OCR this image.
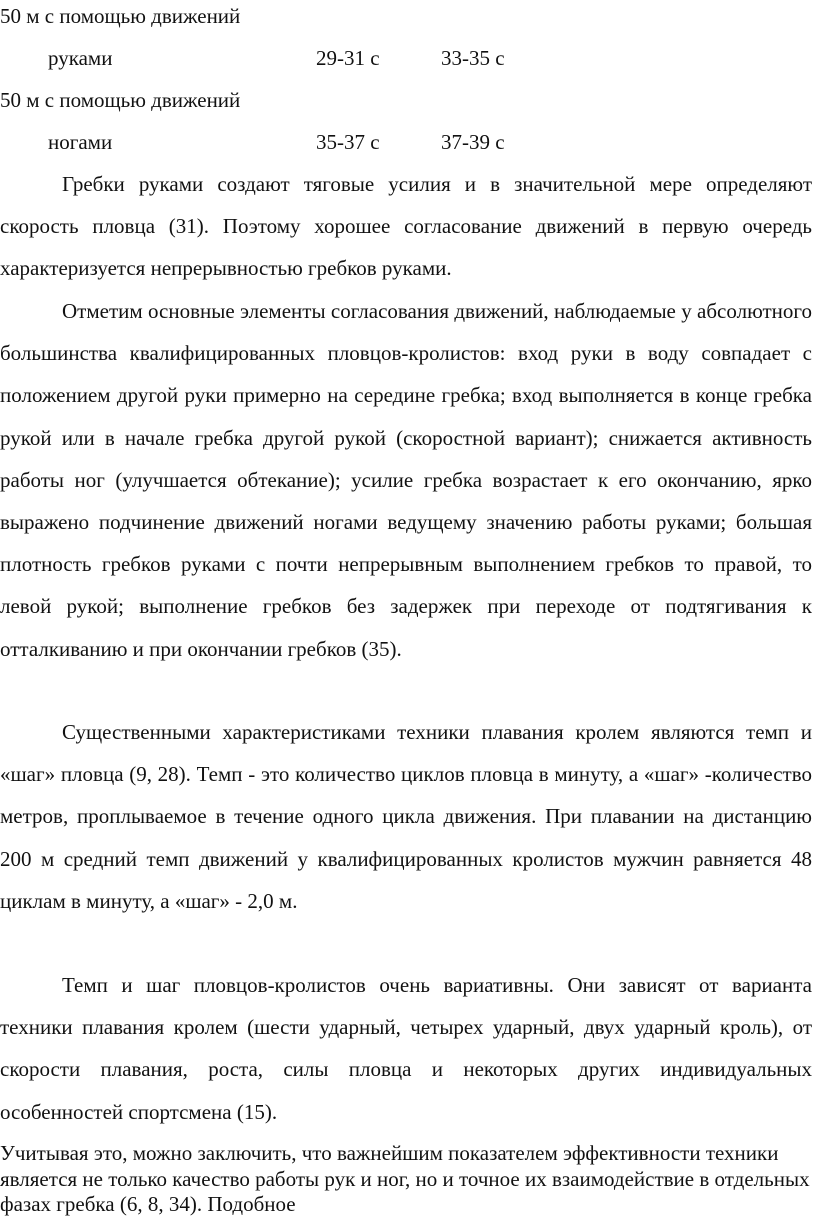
50 м с помощью движений
руками	29-31 с	33-35 с
50 м с помощью движений
ногами	35-37 с	37-39 с

Гребки руками создают тяговые усилия и в значительной мере определяют скорость пловца (31). Поэтому хорошее согласование движений в первую очередь характеризуется непрерывностью гребков руками.

Отметим основные элементы согласования движений, наблюдаемые у абсолютного большинства квалифицированных пловцов-кролистов: вход руки в воду совпадает с положением другой руки примерно на середине гребка; вход выполняется в конце гребка рукой или в начале гребка другой рукой (скоростной вариант); снижается активность работы ног (улучшается обтекание); усилие гребка возрастает к его окончанию, ярко выражено подчинение движений ногами ведущему значению работы руками; большая плотность гребков руками с почти непрерывным выполнением гребков то правой, то левой рукой; выполнение гребков без задержек при переходе от подтягивания к отталкиванию и при окончании гребков (35).

Существенными характеристиками техники плавания кролем являются темп и «шаг» пловца (9, 28). Темп - это количество циклов пловца в минуту, а «шаг» -количество метров, проплываемое в течение одного цикла движения. При плавании на дистанцию 200 м средний темп движений у квалифицированных кролистов мужчин равняется 48 циклам в минуту, а «шаг» - 2,0 м.

Темп и шаг пловцов-кролистов очень вариативны. Они зависят от варианта техники плавания кролем (шести ударный, четырех ударный, двух ударный кроль), от скорости плавания, роста, силы пловца и некоторых других индивидуальных особенностей спортсмена (15).

Учитывая это, можно заключить, что важнейшим показателем эффективности техники является не только качество работы рук и ног, но и точное их взаимодействие в отдельных фазах гребка (6, 8, 34). Подобное
